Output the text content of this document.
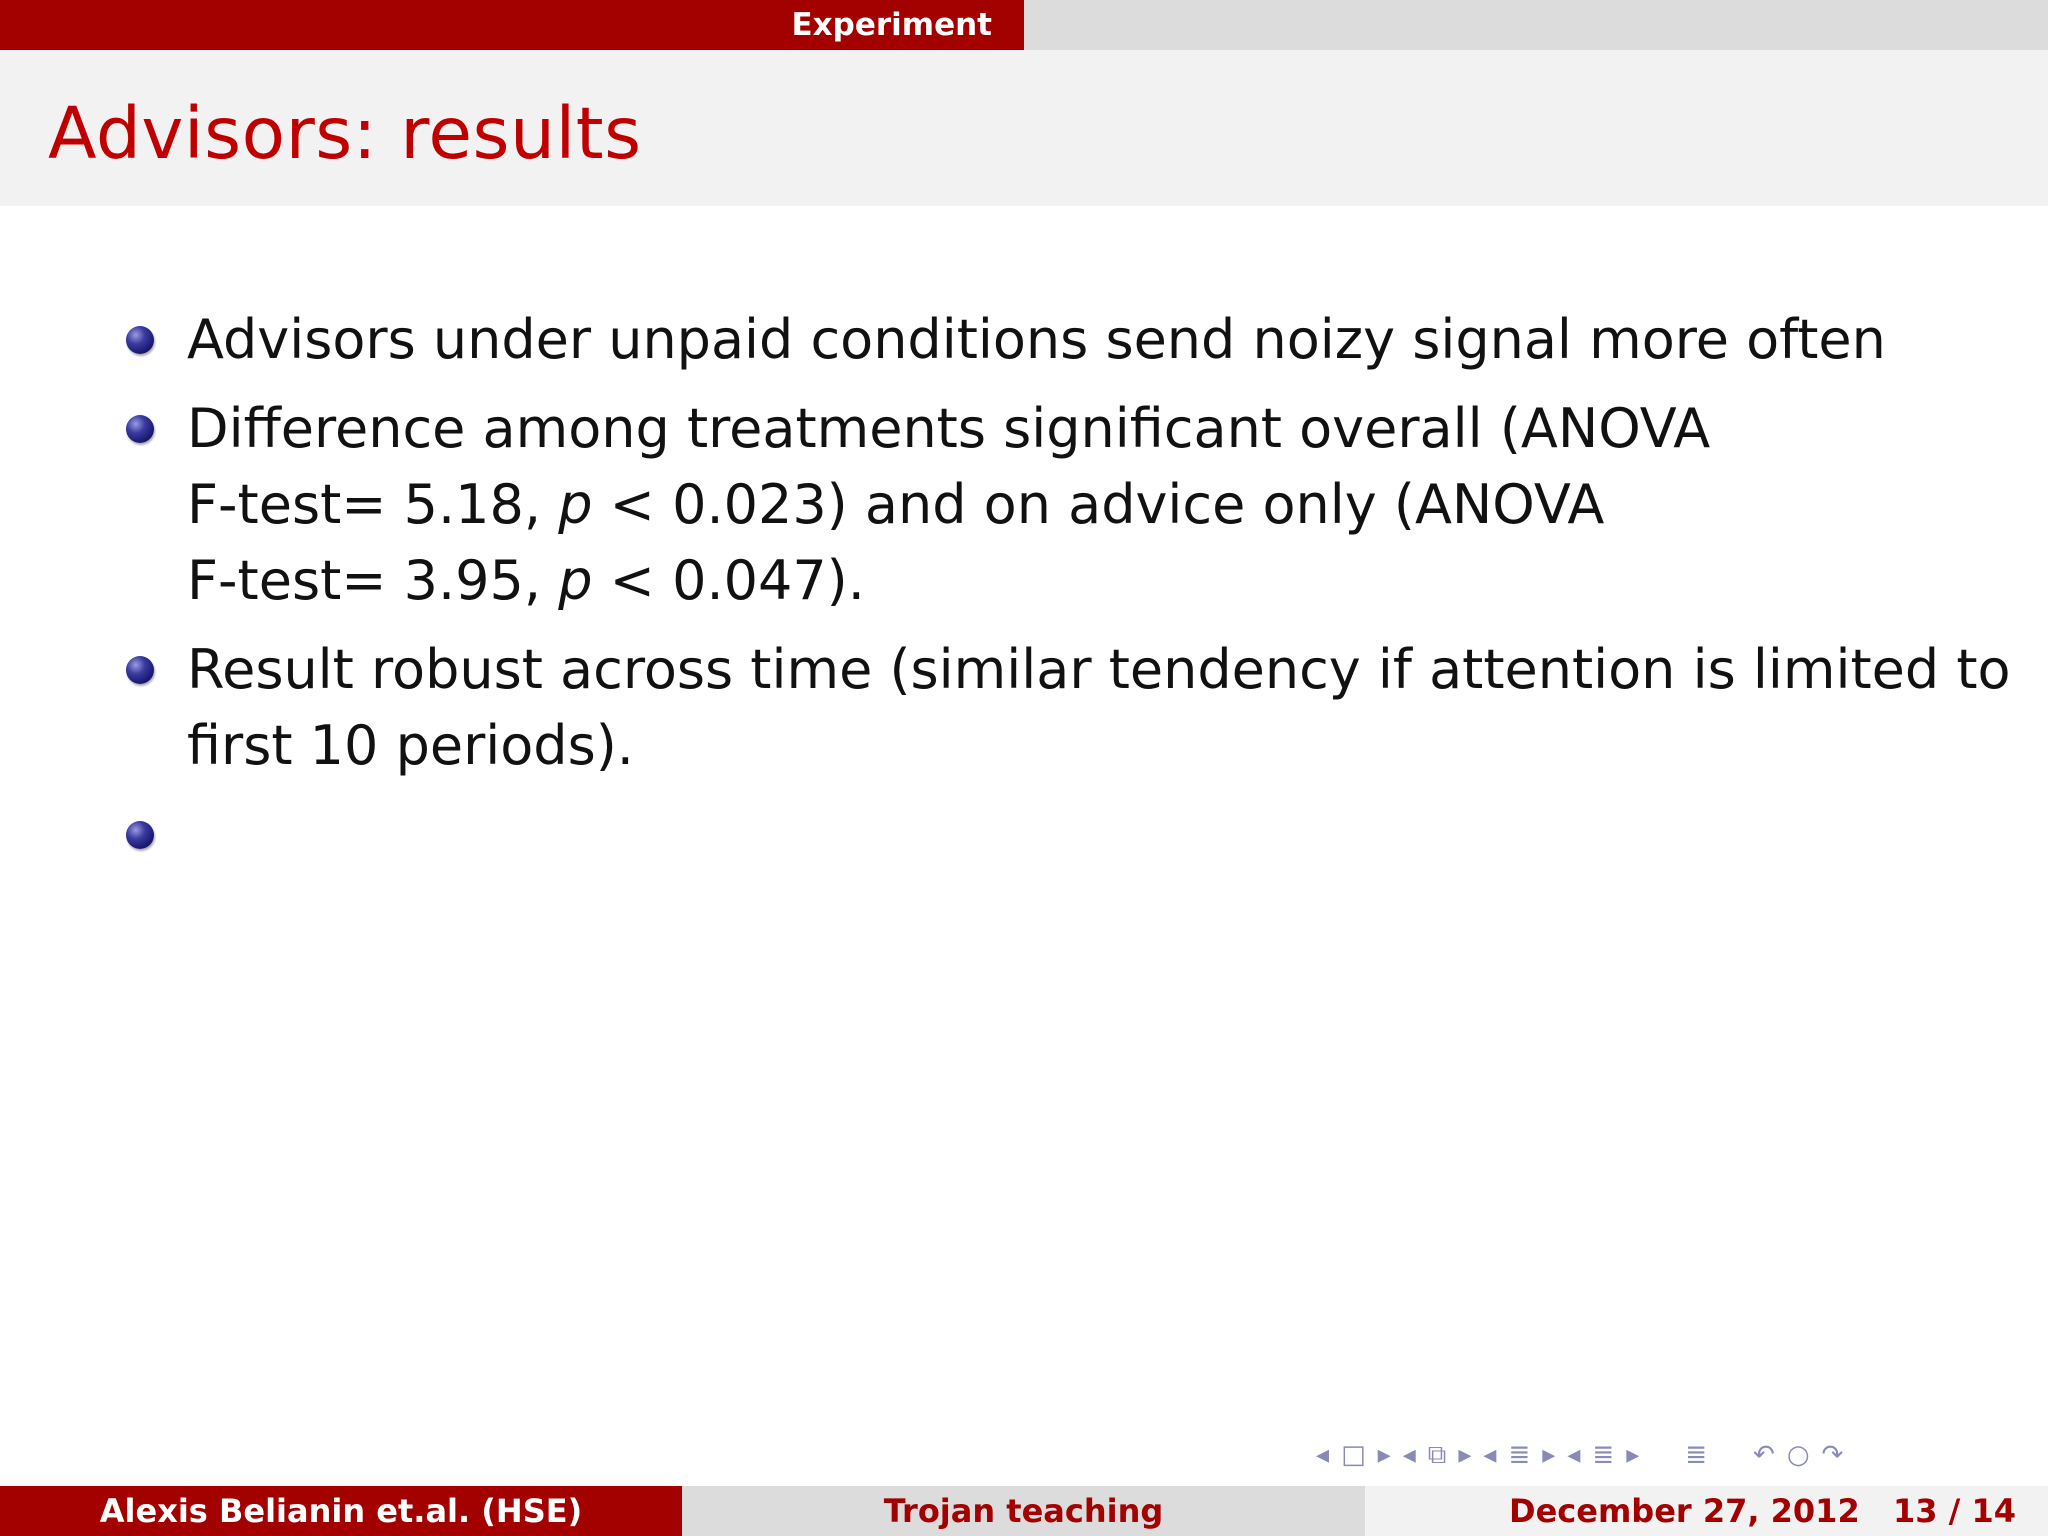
Experiment
Advisors: results
Advisors under unpaid conditions send noizy signal more often
Difference among treatments significant overall (ANOVA
F-test= 5.18, p < 0.023) and on advice only (ANOVA
F-test= 3.95, p < 0.047).
Result robust across time (similar tendency if attention is limited to
first 10 periods).
◂ □ ▸ ◂ ⧉ ▸ ◂ ≣ ▸ ◂ ≣ ▸ ≣ ↶ ○ ↷
Alexis Belianin et.al. (HSE)	Trojan teaching	December 27, 2012 13 / 14
